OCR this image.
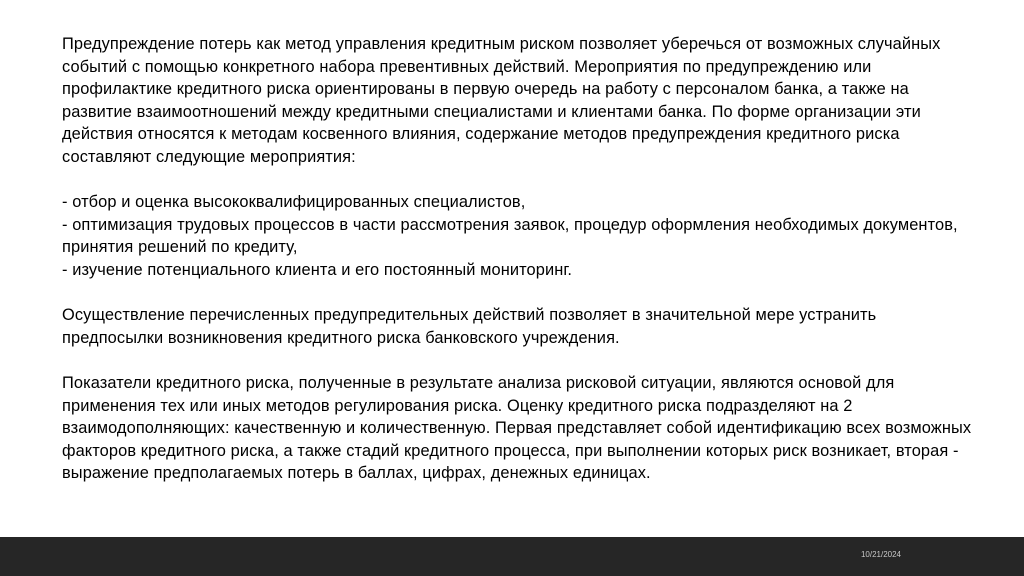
Предупреждение потерь как метод управления кредитным риском позволяет уберечься от возможных случайных событий с помощью конкретного набора превентивных действий. Мероприятия по предупреждению или профилактике кредитного риска ориентированы в первую очередь на работу с персоналом банка, а также на развитие взаимоотношений между кредитными специалистами и клиентами банка. По форме организации эти действия относятся к методам косвенного влияния, содержание методов предупреждения кредитного риска составляют следующие мероприятия:

- отбор и оценка высококвалифицированных специалистов,
- оптимизация трудовых процессов в части рассмотрения заявок, процедур оформления необходимых документов, принятия решений по кредиту,
- изучение потенциального клиента и его постоянный мониторинг.

Осуществление перечисленных предупредительных действий позволяет в значительной мере устранить предпосылки возникновения кредитного риска банковского учреждения.

Показатели кредитного риска, полученные в результате анализа рисковой ситуации, являются основой для применения тех или иных методов регулирования риска. Оценку кредитного риска подразделяют на 2 взаимодополняющих: качественную и количественную. Первая представляет собой идентификацию всех возможных факторов кредитного риска, а также стадий кредитного процесса, при выполнении которых риск возникает, вторая - выражение предполагаемых потерь в баллах, цифрах, денежных единицах.

10/21/2024
